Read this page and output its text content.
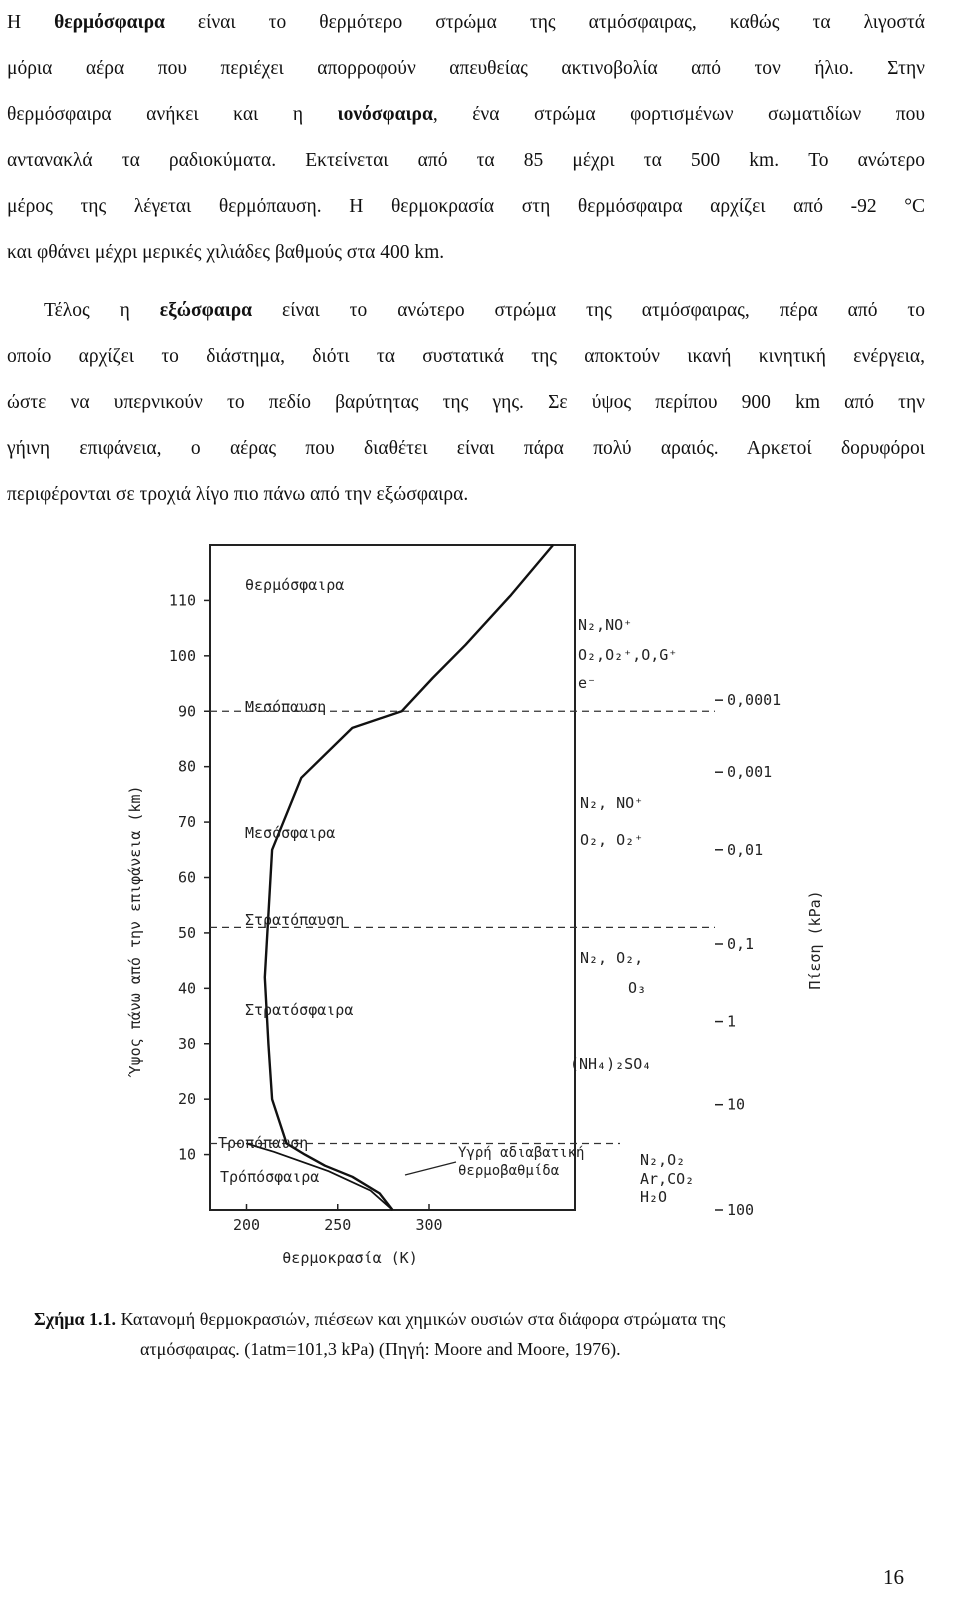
Η θερμόσφαιρα είναι το θερμότερο στρώμα της ατμόσφαιρας, καθώς τα λιγοστά
μόρια αέρα που περιέχει απορροφούν απευθείας ακτινοβολία από τον ήλιο. Στην
θερμόσφαιρα ανήκει και η ιονόσφαιρα, ένα στρώμα φορτισμένων σωματιδίων που
αντανακλά τα ραδιοκύματα. Εκτείνεται από τα 85 μέχρι τα 500 km. Το ανώτερο
μέρος της λέγεται θερμόπαυση. Η θερμοκρασία στη θερμόσφαιρα αρχίζει από -92 °C
και φθάνει μέχρι μερικές χιλιάδες βαθμούς στα 400 km.
Τέλος η εξώσφαιρα είναι το ανώτερο στρώμα της ατμόσφαιρας, πέρα από το
οποίο αρχίζει το διάστημα, διότι τα συστατικά της αποκτούν ικανή κινητική ενέργεια,
ώστε να υπερνικούν το πεδίο βαρύτητας της γης. Σε ύψος περίπου 900 km από την
γήινη επιφάνεια, ο αέρας που διαθέτει είναι πάρα πολύ αραιός. Αρκετοί δορυφόροι
περιφέρονται σε τροχιά λίγο πιο πάνω από την εξώσφαιρα.
10
20
30
40
50
60
70
80
90
100
110
200	250	300
0,0001
0,001
0,01
0,1
1
10
100
θερμόσφαιρα
Μεσόσφαιρα
Στρατόσφαιρα
Τρόπόσφαιρα
Μεσόπαυση
Στρατόπαυση
Τροπόπαυση
Υγρή αδιαβατική
θερμοβαθμίδα
N₂,NO⁺
O₂,O₂⁺,O,G⁺
e⁻
N₂, NO⁺
O₂, O₂⁺
N₂, O₂,
O₃
(NH₄)₂SO₄
N₂,O₂
Ar,CO₂
H₂O
Ύψος πάνω από την επιφάνεια (km)	Πίεση (kPa)
θερμοκρασία (K)
Σχήμα 1.1. Κατανομή θερμοκρασιών, πιέσεων και χημικών ουσιών στα διάφορα στρώματα της
ατμόσφαιρας. (1atm=101,3 kPa) (Πηγή: Moore and Moore, 1976).
16
